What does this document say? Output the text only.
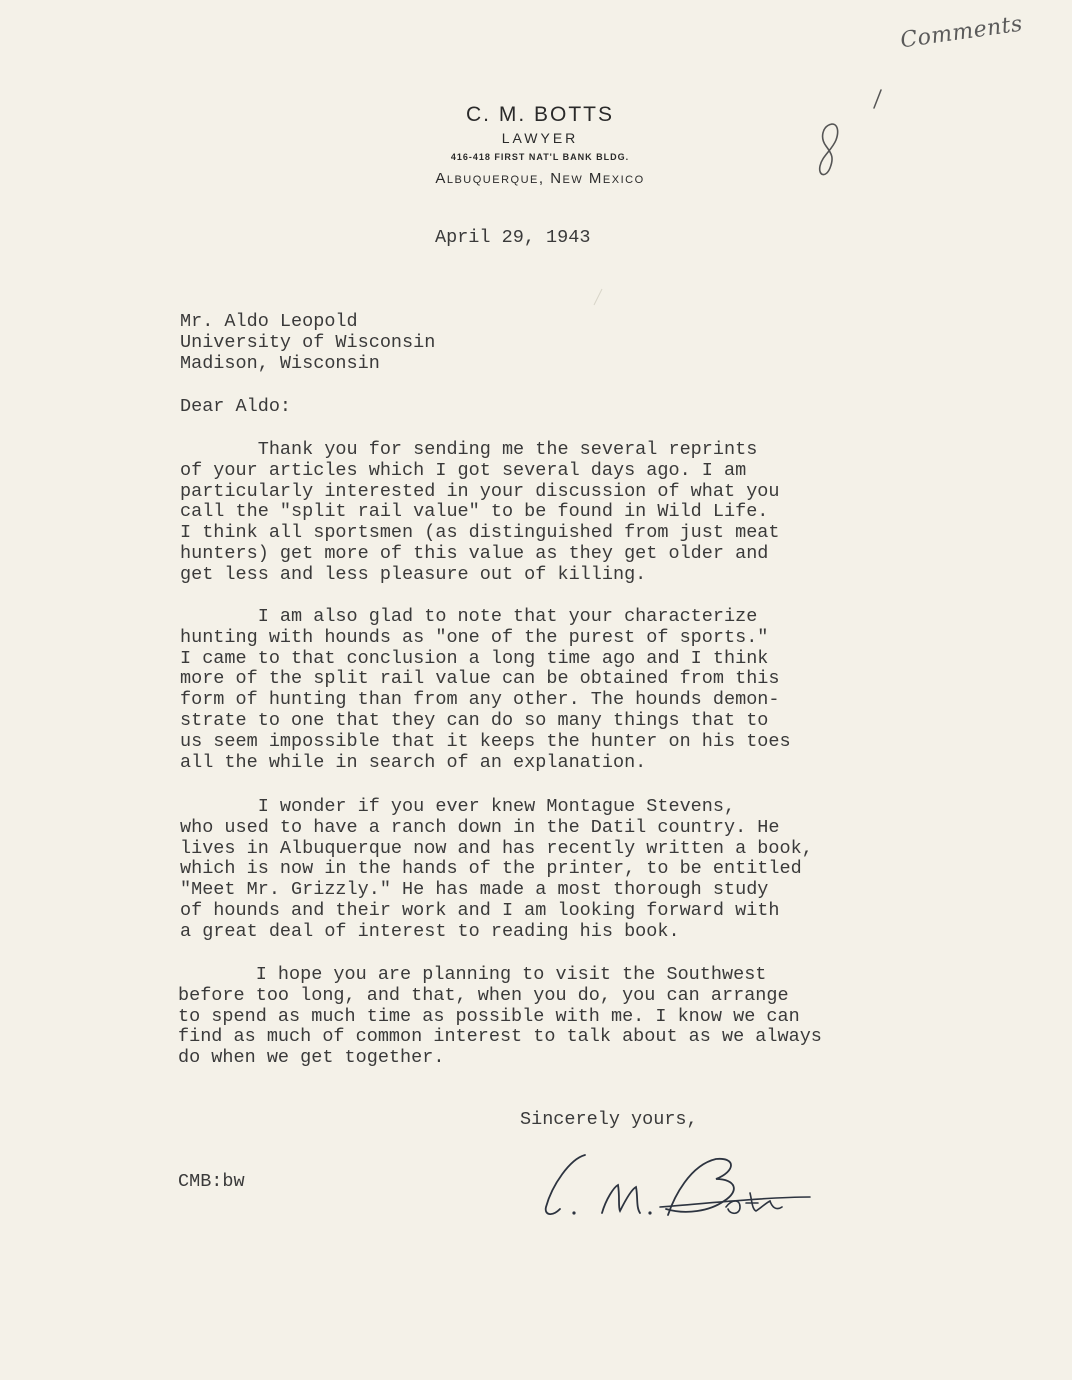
Comments
C. M. BOTTS
LAWYER
416-418 FIRST NAT'L BANK BLDG.
Albuquerque, New Mexico
April 29, 1943
Mr. Aldo Leopold
University of Wisconsin
Madison, Wisconsin
Dear Aldo:
Thank you for sending me the several reprints
of your articles which I got several days ago. I am
particularly interested in your discussion of what you
call the "split rail value" to be found in Wild Life.
I think all sportsmen (as distinguished from just meat
hunters) get more of this value as they get older and
get less and less pleasure out of killing.
I am also glad to note that your characterize
hunting with hounds as "one of the purest of sports."
I came to that conclusion a long time ago and I think
more of the split rail value can be obtained from this
form of hunting than from any other. The hounds demon-
strate to one that they can do so many things that to
us seem impossible that it keeps the hunter on his toes
all the while in search of an explanation.
I wonder if you ever knew Montague Stevens,
who used to have a ranch down in the Datil country. He
lives in Albuquerque now and has recently written a book,
which is now in the hands of the printer, to be entitled
"Meet Mr. Grizzly." He has made a most thorough study
of hounds and their work and I am looking forward with
a great deal of interest to reading his book.
I hope you are planning to visit the Southwest
before too long, and that, when you do, you can arrange
to spend as much time as possible with me. I know we can
find as much of common interest to talk about as we always
do when we get together.
Sincerely yours,
CMB:bw
